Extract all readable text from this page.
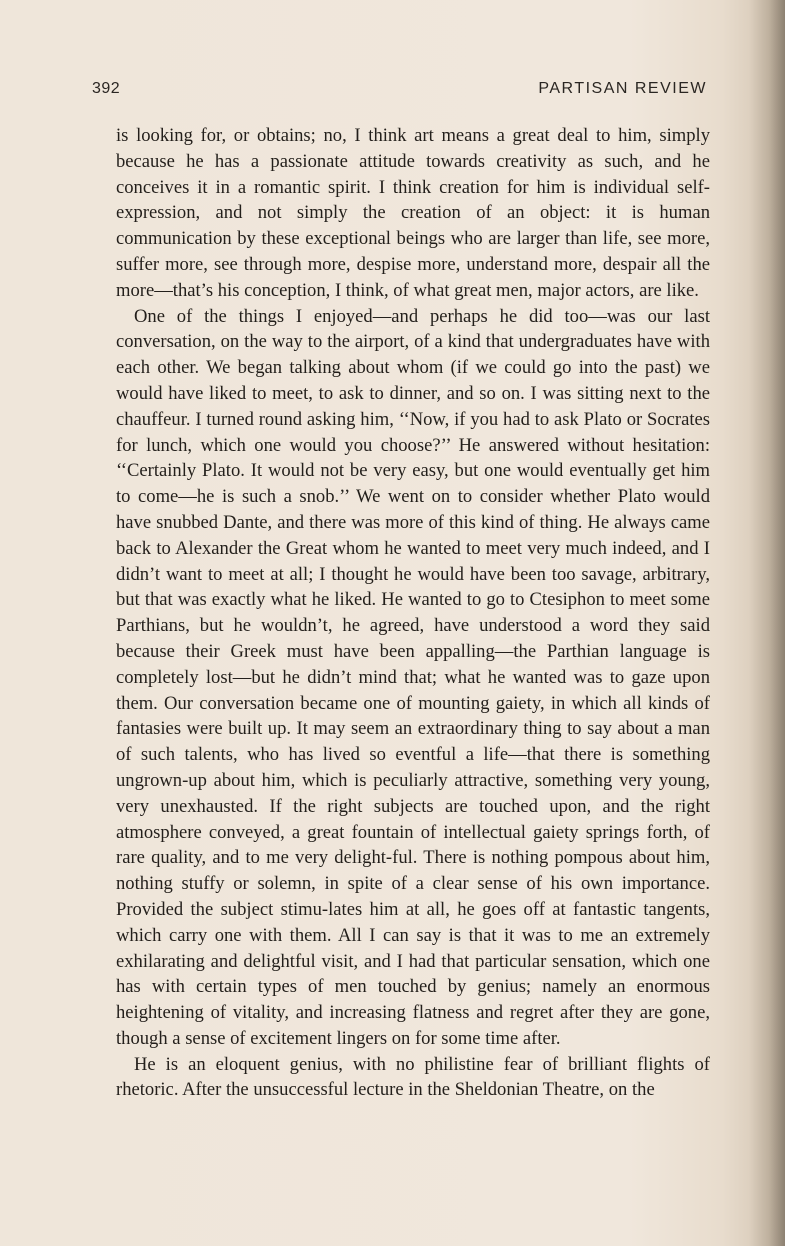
392	PARTISAN REVIEW

is looking for, or obtains; no, I think art means a great deal to him, simply because he has a passionate attitude towards creativity as such, and he conceives it in a romantic spirit. I think creation for him is individual self-expression, and not simply the creation of an object: it is human communication by these exceptional beings who are larger than life, see more, suffer more, see through more, despise more, understand more, despair all the more—that’s his conception, I think, of what great men, major actors, are like.

One of the things I enjoyed—and perhaps he did too—was our last conversation, on the way to the airport, of a kind that undergraduates have with each other. We began talking about whom (if we could go into the past) we would have liked to meet, to ask to dinner, and so on. I was sitting next to the chauffeur. I turned round asking him, ‘‘Now, if you had to ask Plato or Socrates for lunch, which one would you choose?’’ He answered without hesitation: ‘‘Certainly Plato. It would not be very easy, but one would eventually get him to come—he is such a snob.’’ We went on to consider whether Plato would have snubbed Dante, and there was more of this kind of thing. He always came back to Alexander the Great whom he wanted to meet very much indeed, and I didn’t want to meet at all; I thought he would have been too savage, arbitrary, but that was exactly what he liked. He wanted to go to Ctesiphon to meet some Parthians, but he wouldn’t, he agreed, have understood a word they said because their Greek must have been appalling—the Parthian language is completely lost—but he didn’t mind that; what he wanted was to gaze upon them. Our conversation became one of mounting gaiety, in which all kinds of fantasies were built up. It may seem an extraordinary thing to say about a man of such talents, who has lived so eventful a life—that there is something ungrown-up about him, which is peculiarly attractive, something very young, very unexhausted. If the right subjects are touched upon, and the right atmosphere conveyed, a great fountain of intellectual gaiety springs forth, of rare quality, and to me very delight-ful. There is nothing pompous about him, nothing stuffy or solemn, in spite of a clear sense of his own importance. Provided the subject stimu-lates him at all, he goes off at fantastic tangents, which carry one with them. All I can say is that it was to me an extremely exhilarating and delightful visit, and I had that particular sensation, which one has with certain types of men touched by genius; namely an enormous heightening of vitality, and increasing flatness and regret after they are gone, though a sense of excitement lingers on for some time after.

He is an eloquent genius, with no philistine fear of brilliant flights of rhetoric. After the unsuccessful lecture in the Sheldonian Theatre, on the
